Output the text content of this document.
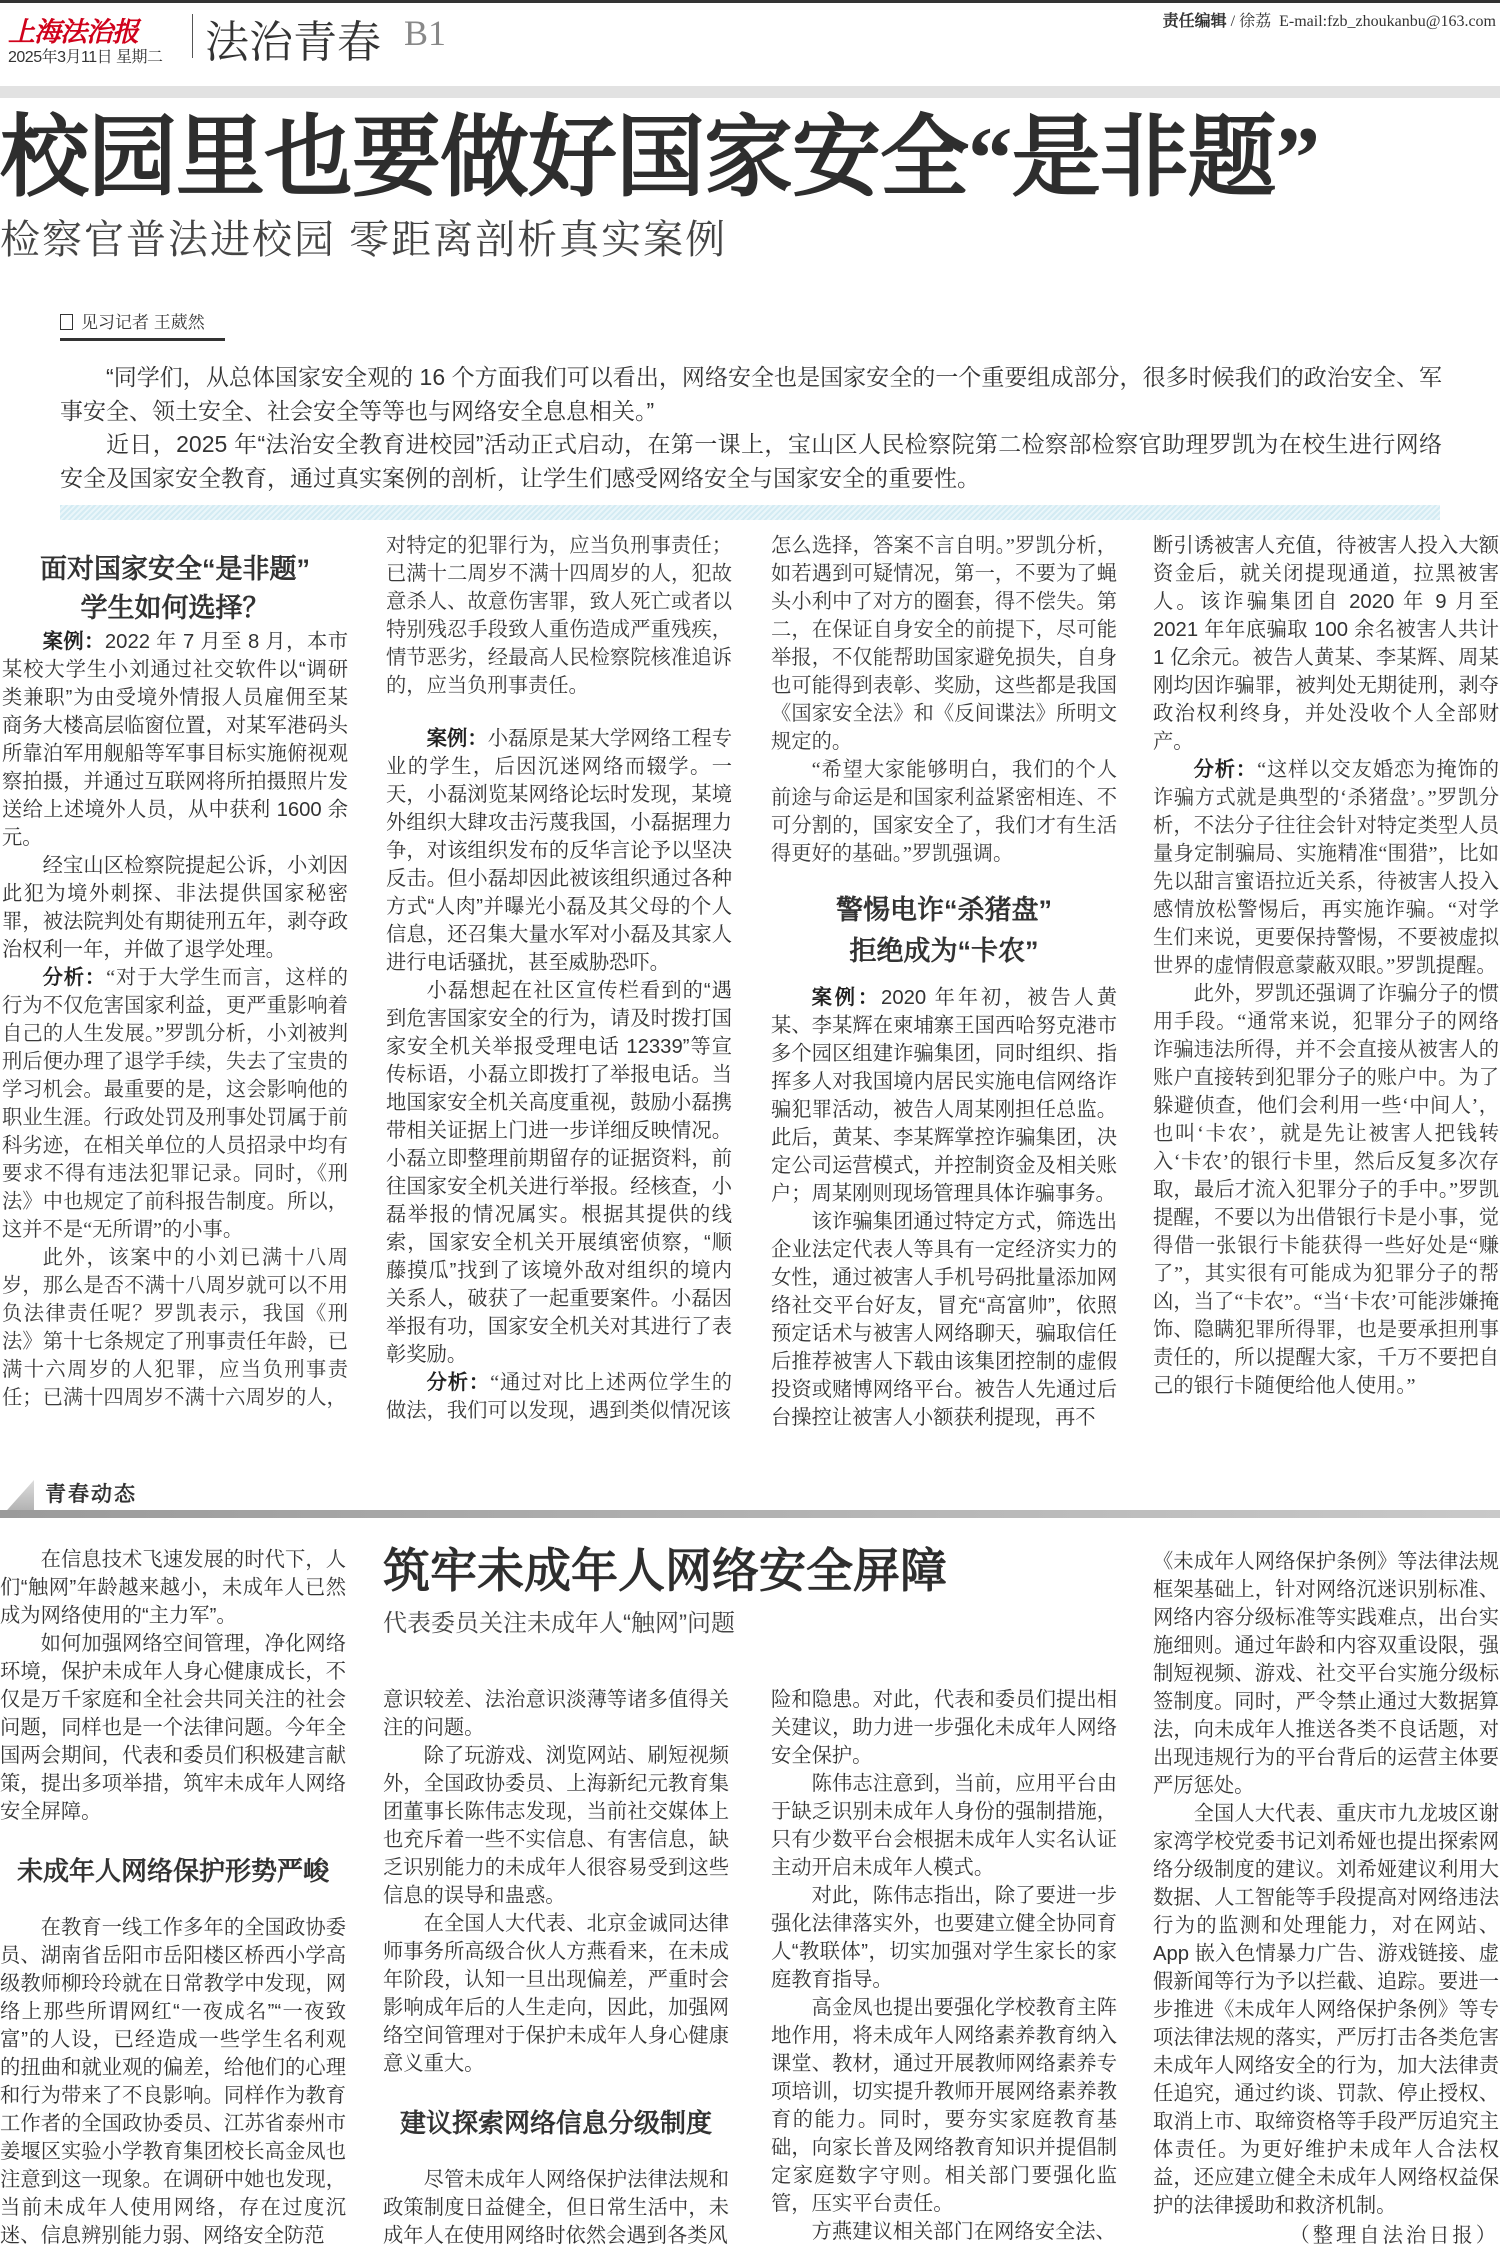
上海法治报
2025年3月11日 星期二 法治青春 B1	责任编辑 / 徐荔 E-mail:fzb_zhoukanbu@163.com
校园里也要做好国家安全“是非题”
检察官普法进校园 零距离剖析真实案例
见习记者 王葳然

“同学们，从总体国家安全观的 16 个方面我们可以看出，网络安全也是国家安全的一个重要组成部分，很多时候我们的政治安全、军事安全、领土安全、社会安全等等也与网络安全息息相关。”

近日，2025 年“法治安全教育进校园”活动正式启动，在第一课上，宝山区人民检察院第二检察部检察官助理罗凯为在校生进行网络安全及国家安全教育，通过真实案例的剖析，让学生们感受网络安全与国家安全的重要性。

面对国家安全“是非题”
学生如何选择？

案例：2022 年 7 月至 8 月，本市某校大学生小刘通过社交软件以“调研类兼职”为由受境外情报人员雇佣至某商务大楼高层临窗位置，对某军港码头所靠泊军用舰船等军事目标实施俯视观察拍摄，并通过互联网将所拍摄照片发送给上述境外人员，从中获利 1600 余元。

经宝山区检察院提起公诉，小刘因此犯为境外刺探、非法提供国家秘密罪，被法院判处有期徒刑五年，剥夺政治权利一年，并做了退学处理。

分析：“对于大学生而言，这样的行为不仅危害国家利益，更严重影响着自己的人生发展。”罗凯分析，小刘被判刑后便办理了退学手续，失去了宝贵的学习机会。最重要的是，这会影响他的职业生涯。行政处罚及刑事处罚属于前科劣迹，在相关单位的人员招录中均有要求不得有违法犯罪记录。同时，《刑法》中也规定了前科报告制度。所以，这并不是“无所谓”的小事。

此外，该案中的小刘已满十八周岁，那么是否不满十八周岁就可以不用负法律责任呢？罗凯表示，我国《刑法》第十七条规定了刑事责任年龄，已满十六周岁的人犯罪，应当负刑事责任；已满十四周岁不满十六周岁的人，

对特定的犯罪行为，应当负刑事责任；已满十二周岁不满十四周岁的人，犯故意杀人、故意伤害罪，致人死亡或者以特别残忍手段致人重伤造成严重残疾，情节恶劣，经最高人民检察院核准追诉的，应当负刑事责任。

案例：小磊原是某大学网络工程专业的学生，后因沉迷网络而辍学。一天，小磊浏览某网络论坛时发现，某境外组织大肆攻击污蔑我国，小磊据理力争，对该组织发布的反华言论予以坚决反击。但小磊却因此被该组织通过各种方式“人肉”并曝光小磊及其父母的个人信息，还召集大量水军对小磊及其家人进行电话骚扰，甚至威胁恐吓。

小磊想起在社区宣传栏看到的“遇到危害国家安全的行为，请及时拨打国家安全机关举报受理电话 12339”等宣传标语，小磊立即拨打了举报电话。当地国家安全机关高度重视，鼓励小磊携带相关证据上门进一步详细反映情况。小磊立即整理前期留存的证据资料，前往国家安全机关进行举报。经核查，小磊举报的情况属实。根据其提供的线索，国家安全机关开展缜密侦察，“顺藤摸瓜”找到了该境外敌对组织的境内关系人，破获了一起重要案件。小磊因举报有功，国家安全机关对其进行了表彰奖励。

分析：“通过对比上述两位学生的做法，我们可以发现，遇到类似情况该

怎么选择，答案不言自明。”罗凯分析，如若遇到可疑情况，第一，不要为了蝇头小利中了对方的圈套，得不偿失。第二，在保证自身安全的前提下，尽可能举报，不仅能帮助国家避免损失，自身也可能得到表彰、奖励，这些都是我国《国家安全法》和《反间谍法》所明文规定的。

“希望大家能够明白，我们的个人前途与命运是和国家利益紧密相连、不可分割的，国家安全了，我们才有生活得更好的基础。”罗凯强调。

警惕电诈“杀猪盘”
拒绝成为“卡农”

案例：2020 年年初，被告人黄某、李某辉在柬埔寨王国西哈努克港市多个园区组建诈骗集团，同时组织、指挥多人对我国境内居民实施电信网络诈骗犯罪活动，被告人周某刚担任总监。此后，黄某、李某辉掌控诈骗集团，决定公司运营模式，并控制资金及相关账户；周某刚则现场管理具体诈骗事务。

该诈骗集团通过特定方式，筛选出企业法定代表人等具有一定经济实力的女性，通过被害人手机号码批量添加网络社交平台好友，冒充“高富帅”，依照预定话术与被害人网络聊天，骗取信任后推荐被害人下载由该集团控制的虚假投资或赌博网络平台。被告人先通过后台操控让被害人小额获利提现，再不

断引诱被害人充值，待被害人投入大额资金后，就关闭提现通道，拉黑被害人。该诈骗集团自 2020 年 9 月至 2021 年年底骗取 100 余名被害人共计 1 亿余元。被告人黄某、李某辉、周某刚均因诈骗罪，被判处无期徒刑，剥夺政治权利终身，并处没收个人全部财产。

分析：“这样以交友婚恋为掩饰的诈骗方式就是典型的‘杀猪盘’。”罗凯分析，不法分子往往会针对特定类型人员量身定制骗局、实施精准“围猎”，比如先以甜言蜜语拉近关系，待被害人投入感情放松警惕后，再实施诈骗。“对学生们来说，更要保持警惕，不要被虚拟世界的虚情假意蒙蔽双眼。”罗凯提醒。

此外，罗凯还强调了诈骗分子的惯用手段。“通常来说，犯罪分子的网络诈骗违法所得，并不会直接从被害人的账户直接转到犯罪分子的账户中。为了躲避侦查，他们会利用一些‘中间人’，也叫‘卡农’，就是先让被害人把钱转入‘卡农’的银行卡里，然后反复多次存取，最后才流入犯罪分子的手中。”罗凯提醒，不要以为出借银行卡是小事，觉得借一张银行卡能获得一些好处是“赚了”，其实很有可能成为犯罪分子的帮凶，当了“卡农”。“当‘卡农’可能涉嫌掩饰、隐瞒犯罪所得罪，也是要承担刑事责任的，所以提醒大家，千万不要把自己的银行卡随便给他人使用。”

青春动态
筑牢未成年人网络安全屏障
代表委员关注未成年人“触网”问题

在信息技术飞速发展的时代下，人们“触网”年龄越来越小，未成年人已然成为网络使用的“主力军”。

如何加强网络空间管理，净化网络环境，保护未成年人身心健康成长，不仅是万千家庭和全社会共同关注的社会问题，同样也是一个法律问题。今年全国两会期间，代表和委员们积极建言献策，提出多项举措，筑牢未成年人网络安全屏障。

未成年人网络保护形势严峻

在教育一线工作多年的全国政协委员、湖南省岳阳市岳阳楼区桥西小学高级教师柳玲玲就在日常教学中发现，网络上那些所谓网红“一夜成名”“一夜致富”的人设，已经造成一些学生名利观的扭曲和就业观的偏差，给他们的心理和行为带来了不良影响。同样作为教育工作者的全国政协委员、江苏省泰州市姜堰区实验小学教育集团校长高金凤也注意到这一现象。在调研中她也发现，当前未成年人使用网络，存在过度沉迷、信息辨别能力弱、网络安全防范

意识较差、法治意识淡薄等诸多值得关注的问题。

除了玩游戏、浏览网站、刷短视频外，全国政协委员、上海新纪元教育集团董事长陈伟志发现，当前社交媒体上也充斥着一些不实信息、有害信息，缺乏识别能力的未成年人很容易受到这些信息的误导和蛊惑。

在全国人大代表、北京金诚同达律师事务所高级合伙人方燕看来，在未成年阶段，认知一旦出现偏差，严重时会影响成年后的人生走向，因此，加强网络空间管理对于保护未成年人身心健康意义重大。

建议探索网络信息分级制度

尽管未成年人网络保护法律法规和政策制度日益健全，但日常生活中，未成年人在使用网络时依然会遇到各类风

险和隐患。对此，代表和委员们提出相关建议，助力进一步强化未成年人网络安全保护。

陈伟志注意到，当前，应用平台由于缺乏识别未成年人身份的强制措施，只有少数平台会根据未成年人实名认证主动开启未成年人模式。

对此，陈伟志指出，除了要进一步强化法律落实外，也要建立健全协同育人“教联体”，切实加强对学生家长的家庭教育指导。

高金凤也提出要强化学校教育主阵地作用，将未成年人网络素养教育纳入课堂、教材，通过开展教师网络素养专项培训，切实提升教师开展网络素养教育的能力。同时，要夯实家庭教育基础，向家长普及网络教育知识并提倡制定家庭数字守则。相关部门要强化监管，压实平台责任。

方燕建议相关部门在网络安全法、

《未成年人网络保护条例》等法律法规框架基础上，针对网络沉迷识别标准、网络内容分级标准等实践难点，出台实施细则。通过年龄和内容双重设限，强制短视频、游戏、社交平台实施分级标签制度。同时，严令禁止通过大数据算法，向未成年人推送各类不良话题，对出现违规行为的平台背后的运营主体要严厉惩处。

全国人大代表、重庆市九龙坡区谢家湾学校党委书记刘希娅也提出探索网络分级制度的建议。刘希娅建议利用大数据、人工智能等手段提高对网络违法行为的监测和处理能力，对在网站、App 嵌入色情暴力广告、游戏链接、虚假新闻等行为予以拦截、追踪。要进一步推进《未成年人网络保护条例》等专项法律法规的落实，严厉打击各类危害未成年人网络安全的行为，加大法律责任追究，通过约谈、罚款、停止授权、取消上市、取缔资格等手段严厉追究主体责任。为更好维护未成年人合法权益，还应建立健全未成年人网络权益保护的法律援助和救济机制。

（整理自法治日报）
